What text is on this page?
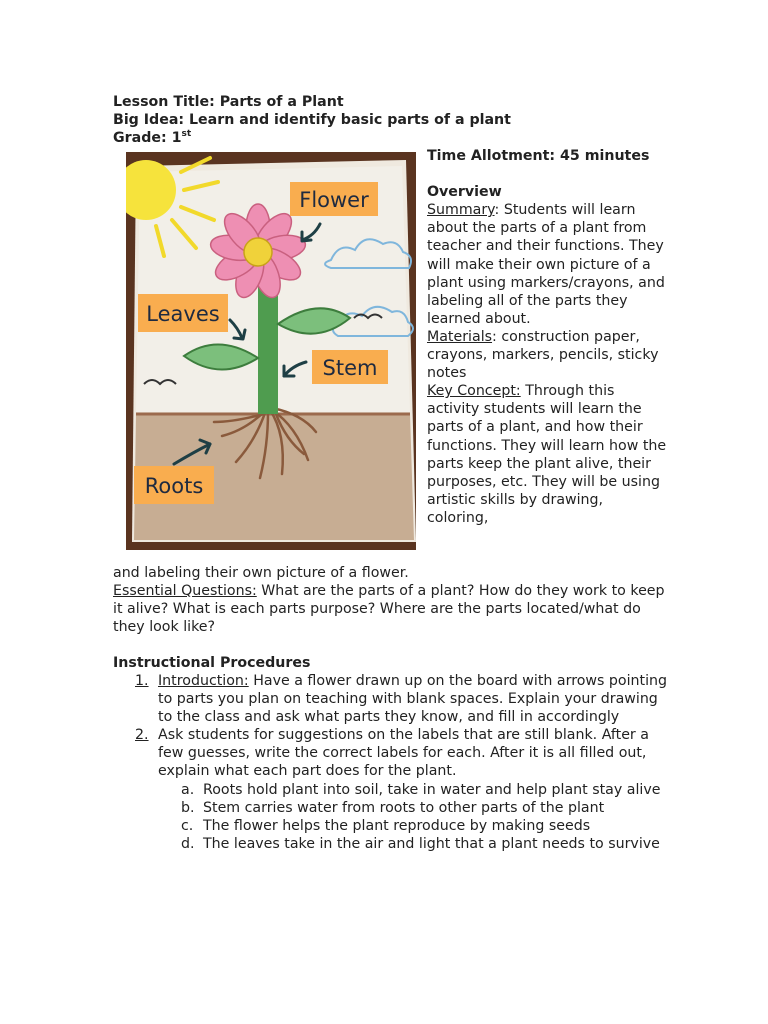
Lesson Title: Parts of a Plant
Big Idea: Learn and identify basic parts of a plant
Grade: 1st
Flower
Leaves
Stem
Roots
Time Allotment: 45 minutes
Overview
Summary: Students will learn about the parts of a plant from teacher and their functions. They will make their own picture of a plant using markers/crayons, and labeling all of the parts they learned about.
Materials: construction paper, crayons, markers, pencils, sticky notes
Key Concept: Through this activity students will learn the parts of a plant, and how their functions. They will learn how the parts keep the plant alive, their purposes, etc. They will be using artistic skills by drawing, coloring,
and labeling their own picture of a flower.
Essential Questions: What are the parts of a plant? How do they work to keep it alive? What is each parts purpose? Where are the parts located/what do they look like?
Instructional Procedures
1. Introduction: Have a flower drawn up on the board with arrows pointing to parts you plan on teaching with blank spaces. Explain your drawing to the class and ask what parts they know, and fill in accordingly
2. Ask students for suggestions on the labels that are still blank. After a few guesses, write the correct labels for each. After it is all filled out, explain what each part does for the plant.
a. Roots hold plant into soil, take in water and help plant stay alive
b. Stem carries water from roots to other parts of the plant
c. The flower helps the plant reproduce by making seeds
d. The leaves take in the air and light that a plant needs to survive
